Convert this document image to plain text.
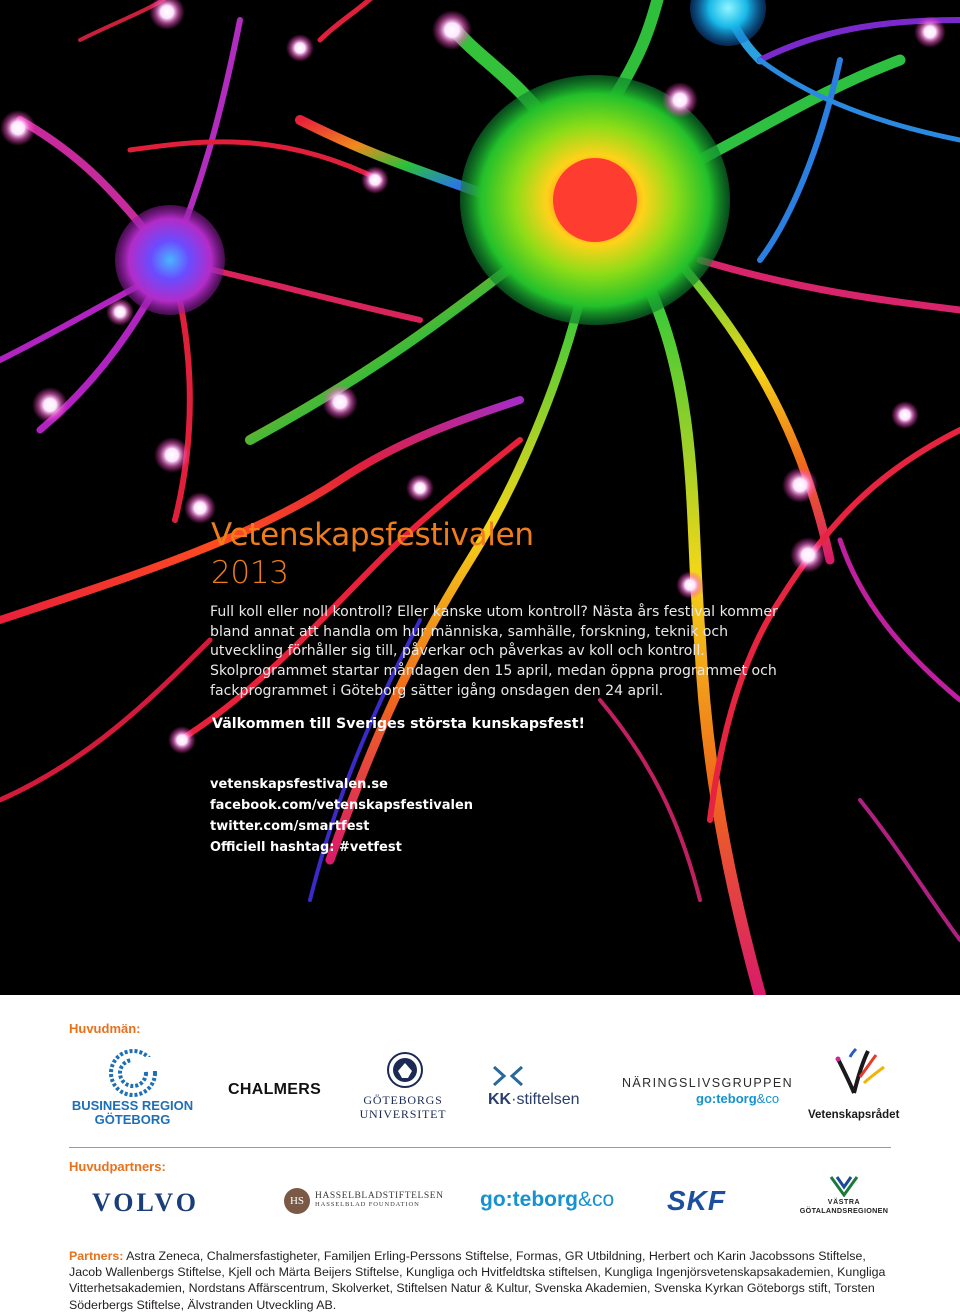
Vetenskapsfestivalen
2013

Full koll eller noll kontroll? Eller kanske utom kontroll? Nästa års festival kommer bland annat att handla om hur människa, samhälle, forskning, teknik och utveckling förhåller sig till, påverkar och påverkas av koll och kontroll. Skolprogrammet startar måndagen den 15 april, medan öppna programmet och fackprogrammet i Göteborg sätter igång onsdagen den 24 april.

Välkommen till Sveriges största kunskapsfest!

vetenskapsfestivalen.se
facebook.com/vetenskapsfestivalen
twitter.com/smartfest
Officiell hashtag: #vetfest

Huvudmän:

BUSINESS REGION
GÖTEBORG
CHALMERS
GÖTEBORGS
UNIVERSITET
KK·stiftelsen
NÄRINGSLIVSGRUPPEN
go:teborg&co
Vetenskapsrådet

Huvudpartners:

VOLVO	HS	HASSELBLADSTIFTELSEN
HASSELBLAD FOUNDATION	go:teborg&co SKF	VÄSTRA
GÖTALANDSREGIONEN

Partners: Astra Zeneca, Chalmersfastigheter, Familjen Erling-Perssons Stiftelse, Formas, GR Utbildning, Herbert och Karin Jacobssons Stiftelse, Jacob Wallenbergs Stiftelse, Kjell och Märta Beijers Stiftelse, Kungliga och Hvitfeldtska stiftelsen, Kungliga Ingenjörsvetenskapsakademien, Kungliga Vitterhetsakademien, Nordstans Affärscentrum, Skolverket, Stiftelsen Natur & Kultur, Svenska Akademien, Svenska Kyrkan Göteborgs stift, Torsten Söderbergs Stiftelse, Älvstranden Utveckling AB.
